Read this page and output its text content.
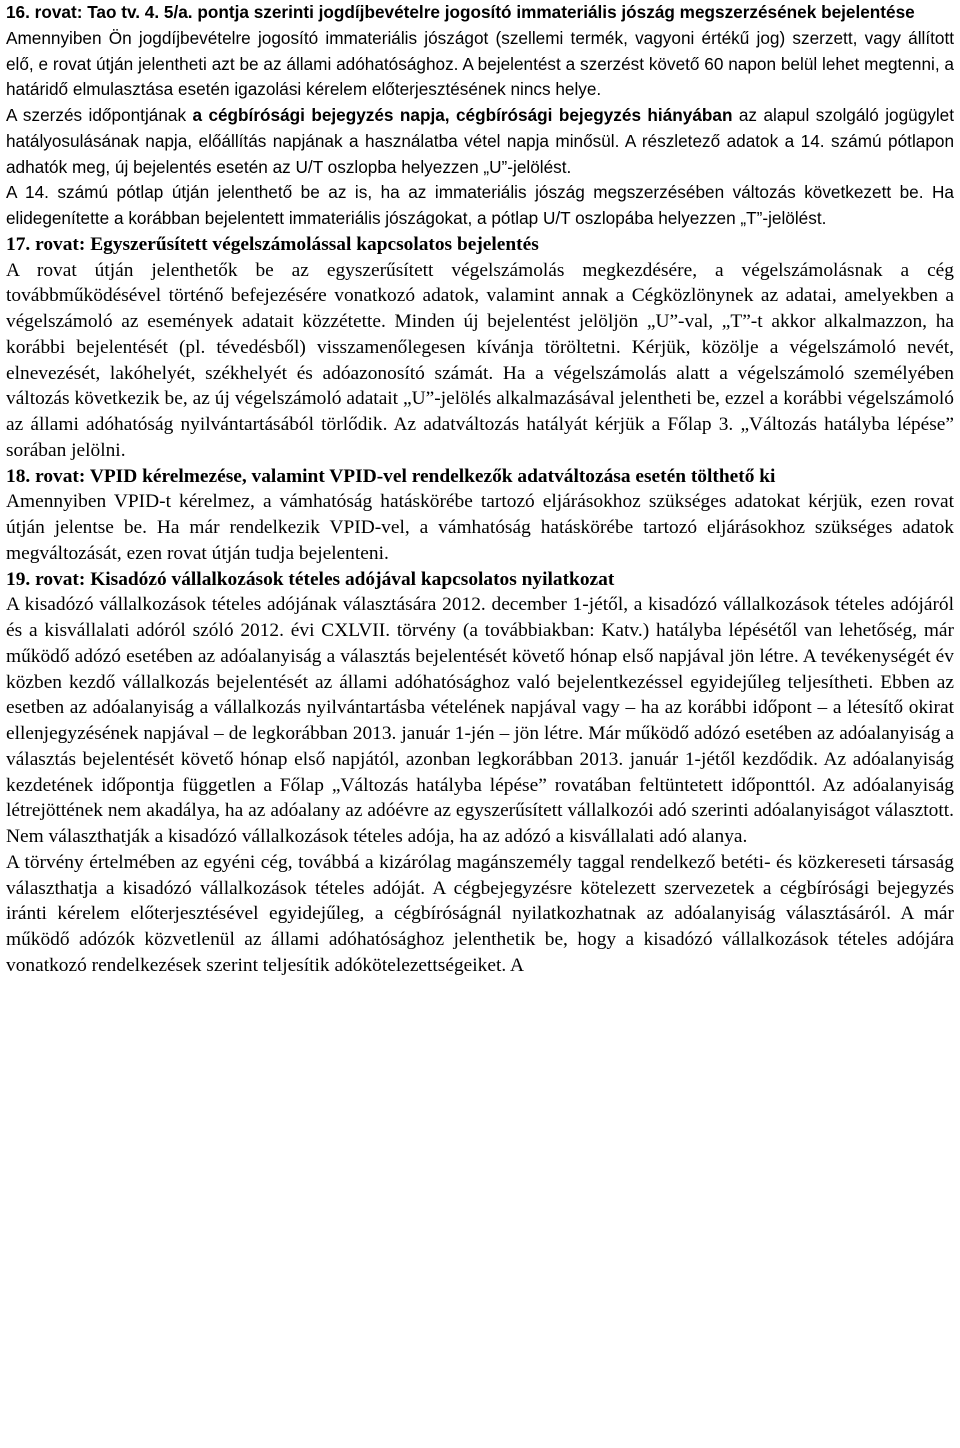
16. rovat: Tao tv. 4. 5/a. pontja szerinti jogdíjbevételre jogosító immateriális jószág megszerzésének bejelentése

Amennyiben Ön jogdíjbevételre jogosító immateriális jószágot (szellemi termék, vagyoni értékű jog) szerzett, vagy állított elő, e rovat útján jelentheti azt be az állami adóhatósághoz. A bejelentést a szerzést követő 60 napon belül lehet megtenni, a határidő elmulasztása esetén igazolási kérelem előterjesztésének nincs helye.

A szerzés időpontjának a cégbírósági bejegyzés napja, cégbírósági bejegyzés hiányában az alapul szolgáló jogügylet hatályosulásának napja, előállítás napjának a használatba vétel napja minősül. A részletező adatok a 14. számú pótlapon adhatók meg, új bejelentés esetén az U/T oszlopba helyezzen „U”-jelölést.

A 14. számú pótlap útján jelenthető be az is, ha az immateriális jószág megszerzésében változás következett be. Ha elidegenítette a korábban bejelentett immateriális jószágokat, a pótlap U/T oszlopába helyezzen „T”-jelölést.

17. rovat: Egyszerűsített végelszámolással kapcsolatos bejelentés

A rovat útján jelenthetők be az egyszerűsített végelszámolás megkezdésére, a végelszámolásnak a cég továbbműködésével történő befejezésére vonatkozó adatok, valamint annak a Cégközlönynek az adatai, amelyekben a végelszámoló az események adatait közzétette. Minden új bejelentést jelöljön „U”-val, „T”-t akkor alkalmazzon, ha korábbi bejelentését (pl. tévedésből) visszamenőlegesen kívánja töröltetni. Kérjük, közölje a végelszámoló nevét, elnevezését, lakóhelyét, székhelyét és adóazonosító számát. Ha a végelszámolás alatt a végelszámoló személyében változás következik be, az új végelszámoló adatait „U”-jelölés alkalmazásával jelentheti be, ezzel a korábbi végelszámoló az állami adóhatóság nyilvántartásából törlődik. Az adatváltozás hatályát kérjük a Főlap 3. „Változás hatályba lépése” sorában jelölni.

18. rovat: VPID kérelmezése, valamint VPID-vel rendelkezők adatváltozása esetén tölthető ki

Amennyiben VPID-t kérelmez, a vámhatóság hatáskörébe tartozó eljárásokhoz szükséges adatokat kérjük, ezen rovat útján jelentse be. Ha már rendelkezik VPID-vel, a vámhatóság hatáskörébe tartozó eljárásokhoz szükséges adatok megváltozását, ezen rovat útján tudja bejelenteni.

19. rovat: Kisadózó vállalkozások tételes adójával kapcsolatos nyilatkozat

A kisadózó vállalkozások tételes adójának választására 2012. december 1-jétől, a kisadózó vállalkozások tételes adójáról és a kisvállalati adóról szóló 2012. évi CXLVII. törvény (a továbbiakban: Katv.) hatályba lépésétől van lehetőség, már működő adózó esetében az adóalanyiság a választás bejelentését követő hónap első napjával jön létre. A tevékenységét év közben kezdő vállalkozás bejelentését az állami adóhatósághoz való bejelentkezéssel egyidejűleg teljesítheti. Ebben az esetben az adóalanyiság a vállalkozás nyilvántartásba vételének napjával vagy – ha az korábbi időpont – a létesítő okirat ellenjegyzésének napjával – de legkorábban 2013. január 1-jén – jön létre. Már működő adózó esetében az adóalanyiság a választás bejelentését követő hónap első napjától, azonban legkorábban 2013. január 1-jétől kezdődik. Az adóalanyiság kezdetének időpontja független a Főlap „Változás hatályba lépése” rovatában feltüntetett időponttól. Az adóalanyiság létrejöttének nem akadálya, ha az adóalany az adóévre az egyszerűsített vállalkozói adó szerinti adóalanyiságot választott. Nem választhatják a kisadózó vállalkozások tételes adója, ha az adózó a kisvállalati adó alanya.

A törvény értelmében az egyéni cég, továbbá a kizárólag magánszemély taggal rendelkező betéti- és közkereseti társaság választhatja a kisadózó vállalkozások tételes adóját. A cégbejegyzésre kötelezett szervezetek a cégbírósági bejegyzés iránti kérelem előterjesztésével egyidejűleg, a cégbíróságnál nyilatkozhatnak az adóalanyiság választásáról. A már működő adózók közvetlenül az állami adóhatósághoz jelenthetik be, hogy a kisadózó vállalkozások tételes adójára vonatkozó rendelkezések szerint teljesítik adókötelezettségeiket. A
